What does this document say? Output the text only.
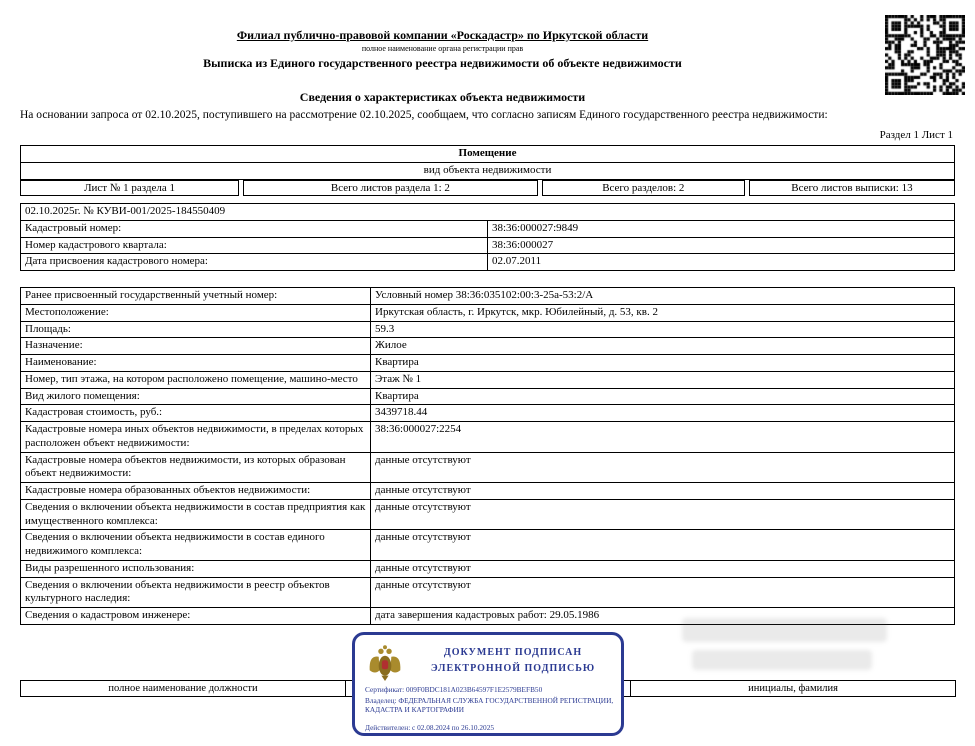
Филиал публично-правовой компании «Роскадастр» по Иркутской области
полное наименование органа регистрации прав
Выписка из Единого государственного реестра недвижимости об объекте недвижимости
Сведения о характеристиках объекта недвижимости
На основании запроса от 02.10.2025, поступившего на рассмотрение 02.10.2025, сообщаем, что согласно записям Единого государственного реестра недвижимости:
Раздел 1 Лист 1
Помещение
вид объекта недвижимости
Лист № 1 раздела 1	Всего листов раздела 1: 2	Всего разделов: 2	Всего листов выписки: 13
02.10.2025г. № КУВИ-001/2025-184550409	
Кадастровый номер:	38:36:000027:9849
Номер кадастрового квартала:	38:36:000027
Дата присвоения кадастрового номера:	02.07.2011
Ранее присвоенный государственный учетный номер:	Условный номер 38:36:035102:00:3-25а-53:2/А
Местоположение:	Иркутская область, г. Иркутск, мкр. Юбилейный, д. 53, кв. 2
Площадь:	59.3
Назначение:	Жилое
Наименование:	Квартира
Номер, тип этажа, на котором расположено помещение, машино-место	Этаж № 1
Вид жилого помещения:	Квартира
Кадастровая стоимость, руб.:	3439718.44
Кадастровые номера иных объектов недвижимости, в пределах которых расположен объект недвижимости:	38:36:000027:2254
Кадастровые номера объектов недвижимости, из которых образован объект недвижимости:	данные отсутствуют
Кадастровые номера образованных объектов недвижимости:	данные отсутствуют
Сведения о включении объекта недвижимости в состав предприятия как имущественного комплекса:	данные отсутствуют
Сведения о включении объекта недвижимости в состав единого недвижимого комплекса:	данные отсутствуют
Виды разрешенного использования:	данные отсутствуют
Сведения о включении объекта недвижимости в реестр объектов культурного наследия:	данные отсутствуют
Сведения о кадастровом инженере:	дата завершения кадастровых работ: 29.05.1986
полное наименование должности		инициалы, фамилия
ДОКУМЕНТ ПОДПИСАН
ЭЛЕКТРОННОЙ ПОДПИСЬЮ
Сертификат: 009F0BDC181A023B64597F1E2579BEFB50
Владелец: ФЕДЕРАЛЬНАЯ СЛУЖБА ГОСУДАРСТВЕННОЙ РЕГИСТРАЦИИ, КАДАСТРА И КАРТОГРАФИИ
Действителен: с 02.08.2024 по 26.10.2025
